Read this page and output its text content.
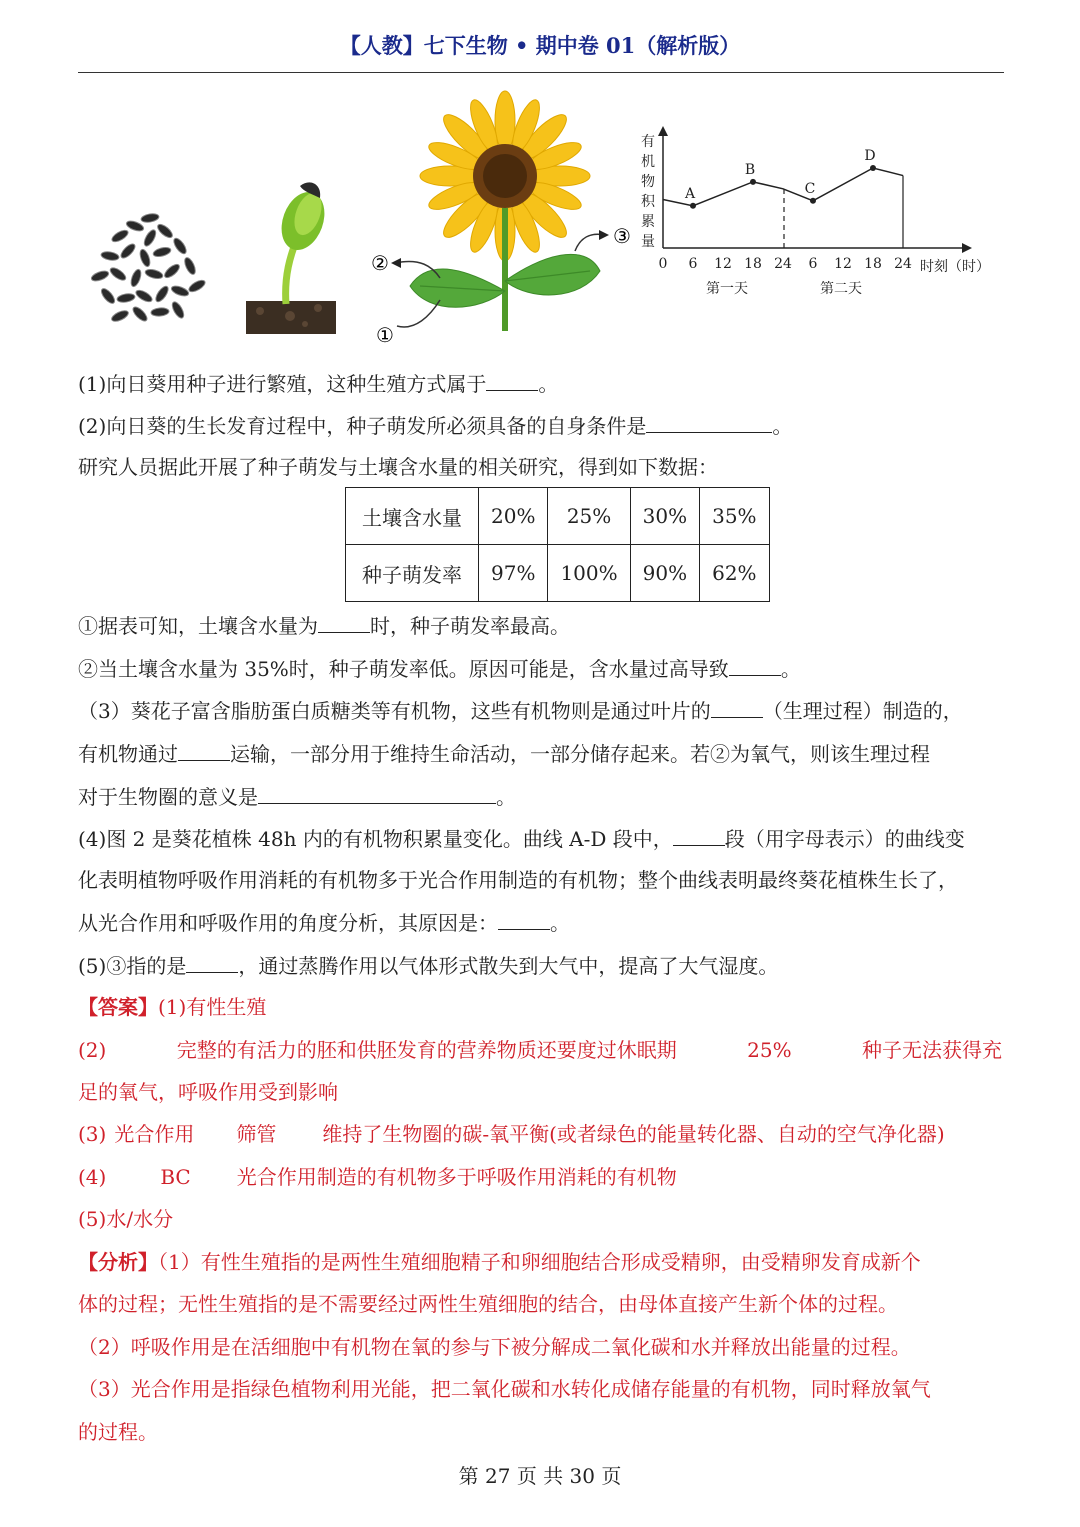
【人教】七下生物 • 期中卷 01（解析版）
②
①
③
有
机
物
积
累
量
0 6 12 18 24 6 12 18 24
A
B
C
D
时刻（时）
第一天	第二天
(1)向日葵用种子进行繁殖，这种生殖方式属于	。
(2)向日葵的生长发育过程中，种子萌发所必须具备的自身条件是	。
研究人员据此开展了种子萌发与土壤含水量的相关研究，得到如下数据：
土壤含水量	20%	25%	30%	35%
种子萌发率	97%	100%	90%	62%
①据表可知，土壤含水量为	时，种子萌发率最高。
②当土壤含水量为 35%时，种子萌发率低。原因可能是，含水量过高导致	。
（3）葵花子富含脂肪蛋白质糖类等有机物，这些有机物则是通过叶片的	（生理过程）制造的，
有机物通过	运输，一部分用于维持生命活动，一部分储存起来。若②为氧气，则该生理过程
对于生物圈的意义是	。
(4)图 2 是葵花植株 48h 内的有机物积累量变化。曲线 A-D 段中，	段（用字母表示）的曲线变
化表明植物呼吸作用消耗的有机物多于光合作用制造的有机物；整个曲线表明最终葵花植株生长了，
从光合作用和呼吸作用的角度分析，其原因是：	。
(5)③指的是	，通过蒸腾作用以气体形式散失到大气中，提高了大气湿度。
【答案】(1)有性生殖
(2)	完整的有活力的胚和供胚发育的营养物质还要度过休眠期	25%	种子无法获得充
足的氧气，呼吸作用受到影响
(3) 光合作用 筛管 维持了生物圈的碳-氧平衡(或者绿色的能量转化器、自动的空气净化器)
(4)	BC 光合作用制造的有机物多于呼吸作用消耗的有机物
(5)水/水分
【分析】（1）有性生殖指的是两性生殖细胞精子和卵细胞结合形成受精卵，由受精卵发育成新个
体的过程；无性生殖指的是不需要经过两性生殖细胞的结合，由母体直接产生新个体的过程。
（2）呼吸作用是在活细胞中有机物在氧的参与下被分解成二氧化碳和水并释放出能量的过程。
（3）光合作用是指绿色植物利用光能，把二氧化碳和水转化成储存能量的有机物，同时释放氧气
的过程。
第 27 页 共 30 页
